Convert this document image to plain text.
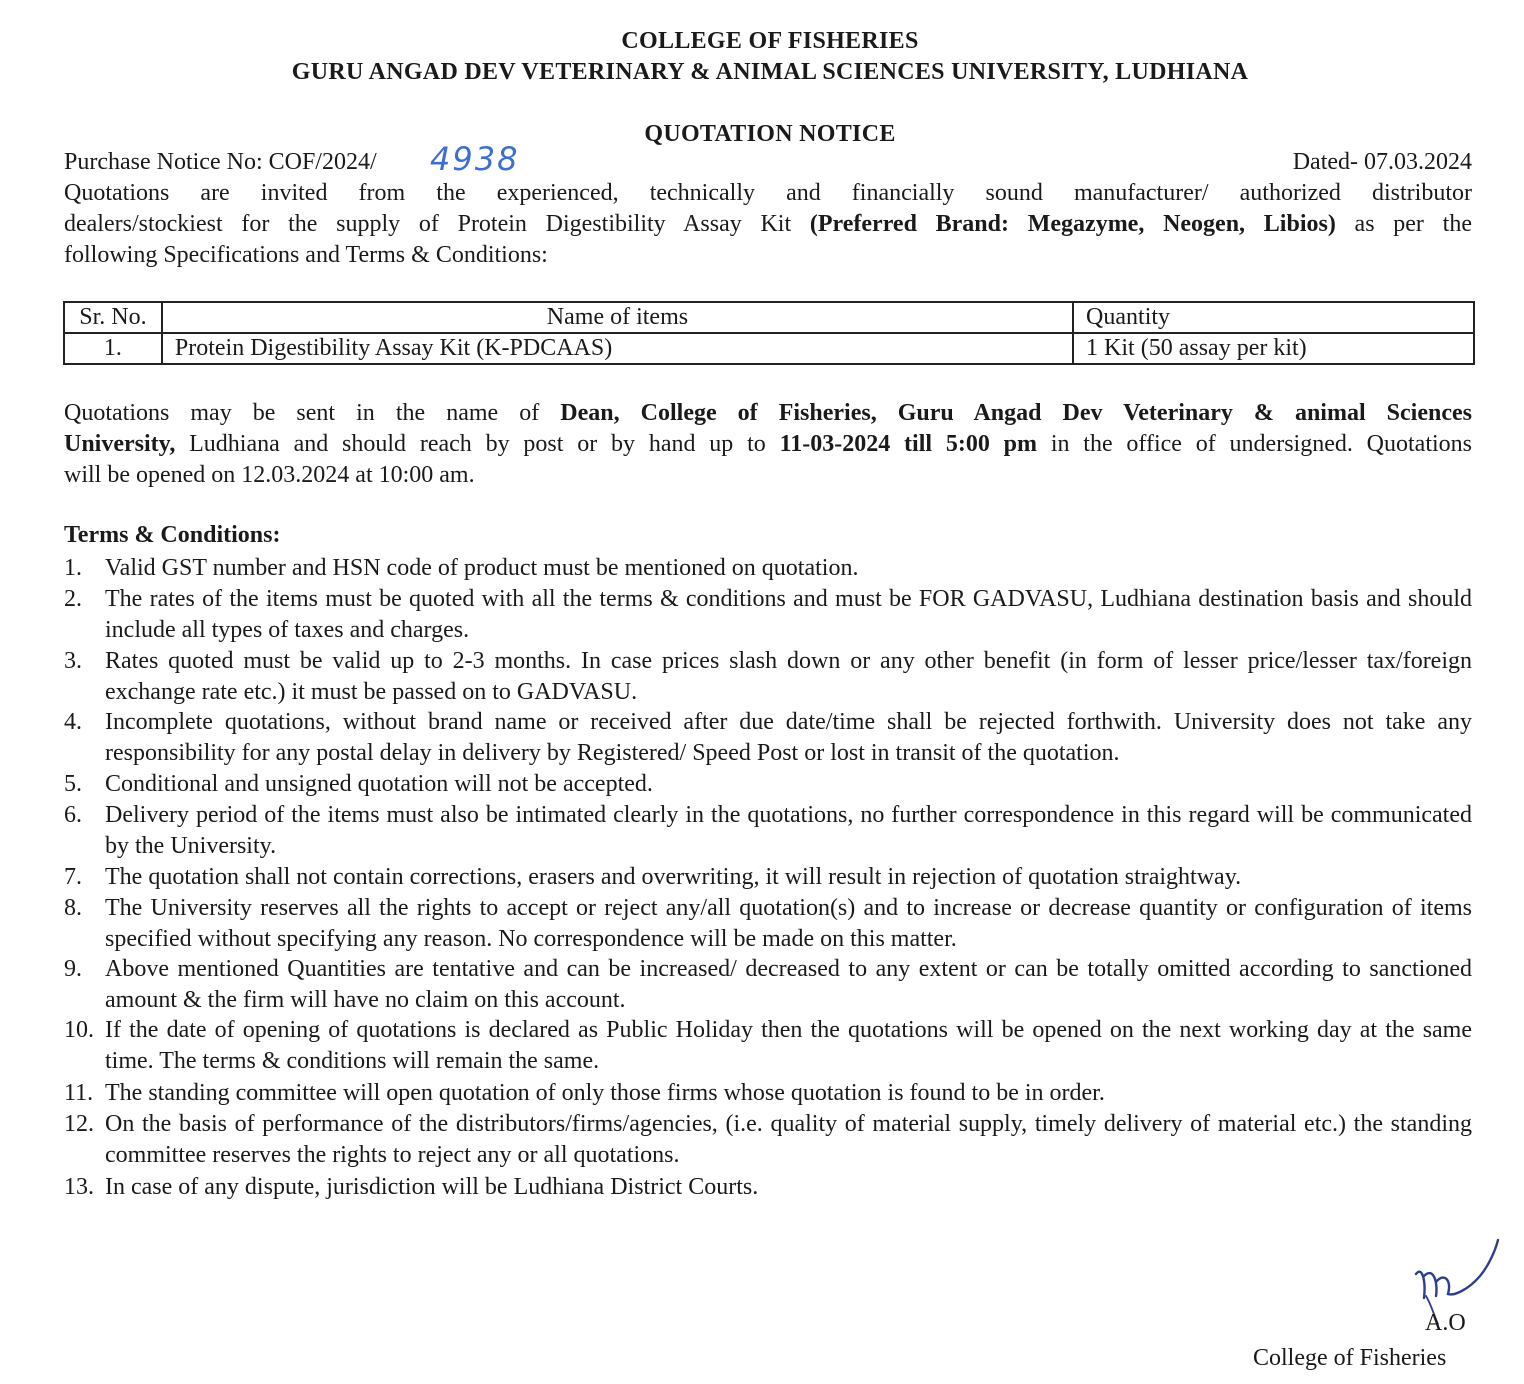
COLLEGE OF FISHERIES
GURU ANGAD DEV VETERINARY & ANIMAL SCIENCES UNIVERSITY, LUDHIANA
QUOTATION NOTICE
Purchase Notice No: COF/2024/ 4938	Dated- 07.03.2024
Quotations are invited from the experienced, technically and financially sound manufacturer/ authorized distributor
dealers/stockiest for the supply of Protein Digestibility Assay Kit (Preferred Brand: Megazyme, Neogen, Libios) as per the
following Specifications and Terms & Conditions:
Sr. No.	Name of items	Quantity
1.	Protein Digestibility Assay Kit (K-PDCAAS)	1 Kit (50 assay per kit)
Quotations may be sent in the name of Dean, College of Fisheries, Guru Angad Dev Veterinary & animal Sciences
University, Ludhiana and should reach by post or by hand up to 11-03-2024 till 5:00 pm in the office of undersigned. Quotations
will be opened on 12.03.2024 at 10:00 am.
Terms & Conditions:
1. Valid GST number and HSN code of product must be mentioned on quotation.
2. The rates of the items must be quoted with all the terms & conditions and must be FOR GADVASU, Ludhiana destination basis and should include all types of taxes and charges.
3. Rates quoted must be valid up to 2-3 months. In case prices slash down or any other benefit (in form of lesser price/lesser tax/foreign exchange rate etc.) it must be passed on to GADVASU.
4. Incomplete quotations, without brand name or received after due date/time shall be rejected forthwith. University does not take any responsibility for any postal delay in delivery by Registered/ Speed Post or lost in transit of the quotation.
5. Conditional and unsigned quotation will not be accepted.
6. Delivery period of the items must also be intimated clearly in the quotations, no further correspondence in this regard will be communicated by the University.
7. The quotation shall not contain corrections, erasers and overwriting, it will result in rejection of quotation straightway.
8. The University reserves all the rights to accept or reject any/all quotation(s) and to increase or decrease quantity or configuration of items specified without specifying any reason. No correspondence will be made on this matter.
9. Above mentioned Quantities are tentative and can be increased/ decreased to any extent or can be totally omitted according to sanctioned amount & the firm will have no claim on this account.
10. If the date of opening of quotations is declared as Public Holiday then the quotations will be opened on the next working day at the same time. The terms & conditions will remain the same.
11. The standing committee will open quotation of only those firms whose quotation is found to be in order.
12. On the basis of performance of the distributors/firms/agencies, (i.e. quality of material supply, timely delivery of material etc.) the standing committee reserves the rights to reject any or all quotations.
13. In case of any dispute, jurisdiction will be Ludhiana District Courts.
A.O
College of Fisheries
